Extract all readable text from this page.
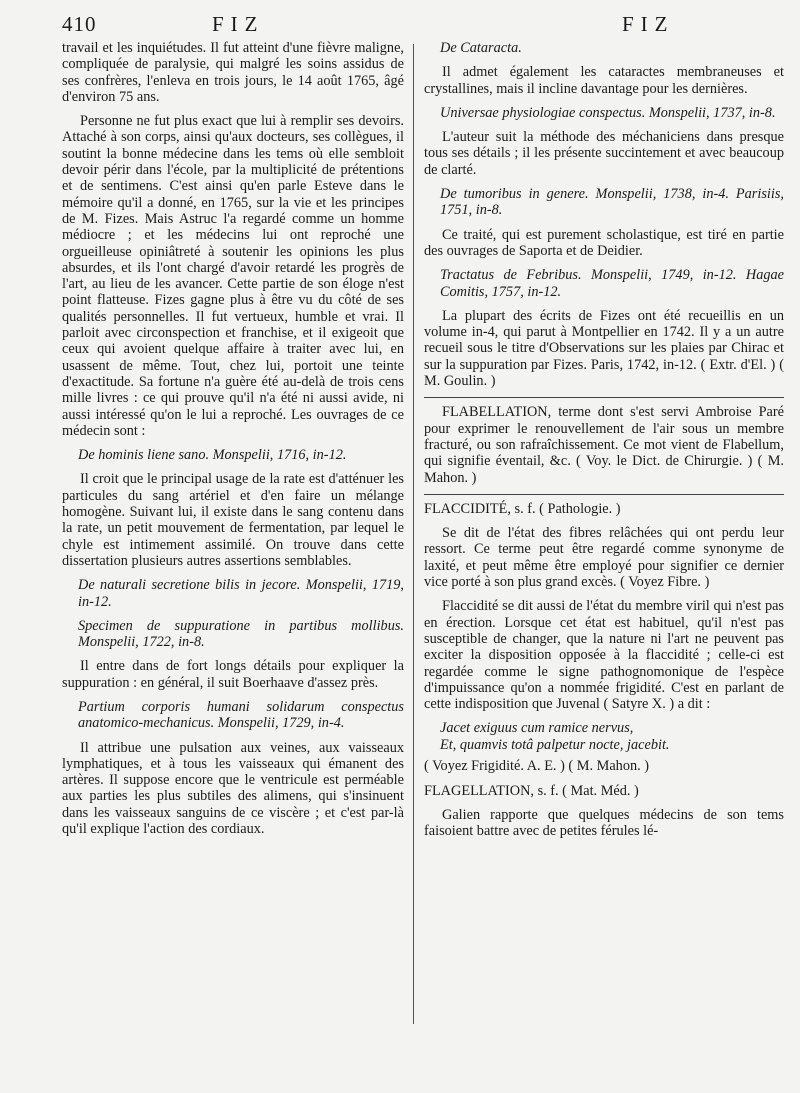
410	FIZ	FIZ

travail et les inquiétudes. Il fut atteint d'une fièvre maligne, compliquée de paralysie, qui malgré les soins assidus de ses confrères, l'enleva en trois jours, le 14 août 1765, âgé d'environ 75 ans.

Personne ne fut plus exact que lui à remplir ses devoirs. Attaché à son corps, ainsi qu'aux docteurs, ses collègues, il soutint la bonne médecine dans les tems où elle sembloit devoir périr dans l'école, par la multiplicité de prétentions et de sentimens. C'est ainsi qu'en parle Esteve dans le mémoire qu'il a donné, en 1765, sur la vie et les principes de M. Fizes. Mais Astruc l'a regardé comme un homme médiocre ; et les médecins lui ont reproché une orgueilleuse opiniâtreté à soutenir les opinions les plus absurdes, et ils l'ont chargé d'avoir retardé les progrès de l'art, au lieu de les avancer. Cette partie de son éloge n'est point flatteuse. Fizes gagne plus à être vu du côté de ses qualités personnelles. Il fut vertueux, humble et vrai. Il parloit avec circonspection et franchise, et il exigeoit que ceux qui avoient quelque affaire à traiter avec lui, en usassent de même. Tout, chez lui, portoit une teinte d'exactitude. Sa fortune n'a guère été au-delà de trois cens mille livres : ce qui prouve qu'il n'a été ni aussi avide, ni aussi intéressé qu'on le lui a reproché. Les ouvrages de ce médecin sont :

De hominis liene sano. Monspelii, 1716, in-12.

Il croit que le principal usage de la rate est d'atténuer les particules du sang artériel et d'en faire un mélange homogène. Suivant lui, il existe dans le sang contenu dans la rate, un petit mouvement de fermentation, par lequel le chyle est intimement assimilé. On trouve dans cette dissertation plusieurs autres assertions semblables.

De naturali secretione bilis in jecore. Monspelii, 1719, in-12.
Specimen de suppuratione in partibus mollibus. Monspelii, 1722, in-8.

Il entre dans de fort longs détails pour expliquer la suppuration : en général, il suit Boerhaave d'assez près.

Partium corporis humani solidarum conspectus anatomico-mechanicus. Monspelii, 1729, in-4.

Il attribue une pulsation aux veines, aux vaisseaux lymphatiques, et à tous les vaisseaux qui émanent des artères. Il suppose encore que le ventricule est perméable aux parties les plus subtiles des alimens, qui s'insinuent dans les vaisseaux sanguins de ce viscère ; et c'est par-là qu'il explique l'action des cordiaux.

De Cataracta.

Il admet également les cataractes membraneuses et crystallines, mais il incline davantage pour les dernières.

Universae physiologiae conspectus. Monspelii, 1737, in-8.

L'auteur suit la méthode des méchaniciens dans presque tous ses détails ; il les présente succintement et avec beaucoup de clarté.

De tumoribus in genere. Monspelii, 1738, in-4. Parisiis, 1751, in-8.

Ce traité, qui est purement scholastique, est tiré en partie des ouvrages de Saporta et de Deidier.

Tractatus de Febribus. Monspelii, 1749, in-12. Hagae Comitis, 1757, in-12.

La plupart des écrits de Fizes ont été recueillis en un volume in-4, qui parut à Montpellier en 1742. Il y a un autre recueil sous le titre d'Observations sur les plaies par Chirac et sur la suppuration par Fizes. Paris, 1742, in-12. ( Extr. d'El. ) ( M. Goulin. )

FLABELLATION, terme dont s'est servi Ambroise Paré pour exprimer le renouvellement de l'air sous un membre fracturé, ou son rafraîchissement. Ce mot vient de Flabellum, qui signifie éventail, &c. ( Voy. le Dict. de Chirurgie. ) ( M. Mahon. )

FLACCIDITÉ, s. f. ( Pathologie. )

Se dit de l'état des fibres relâchées qui ont perdu leur ressort. Ce terme peut être regardé comme synonyme de laxité, et peut même être employé pour signifier ce dernier vice porté à son plus grand excès. ( Voyez Fibre. )

Flaccidité se dit aussi de l'état du membre viril qui n'est pas en érection. Lorsque cet état est habituel, qu'il n'est pas susceptible de changer, que la nature ni l'art ne peuvent pas exciter la disposition opposée à la flaccidité ; celle-ci est regardée comme le signe pathognomonique de l'espèce d'impuissance qu'on a nommée frigidité. C'est en parlant de cette indisposition que Juvenal ( Satyre X. ) a dit :

Jacet exiguus cum ramice nervus,
Et, quamvis totâ palpetur nocte, jacebit.

( Voyez Frigidité. A. E. ) ( M. Mahon. )

FLAGELLATION, s. f. ( Mat. Méd. )

Galien rapporte que quelques médecins de son tems faisoient battre avec de petites férules lé-
